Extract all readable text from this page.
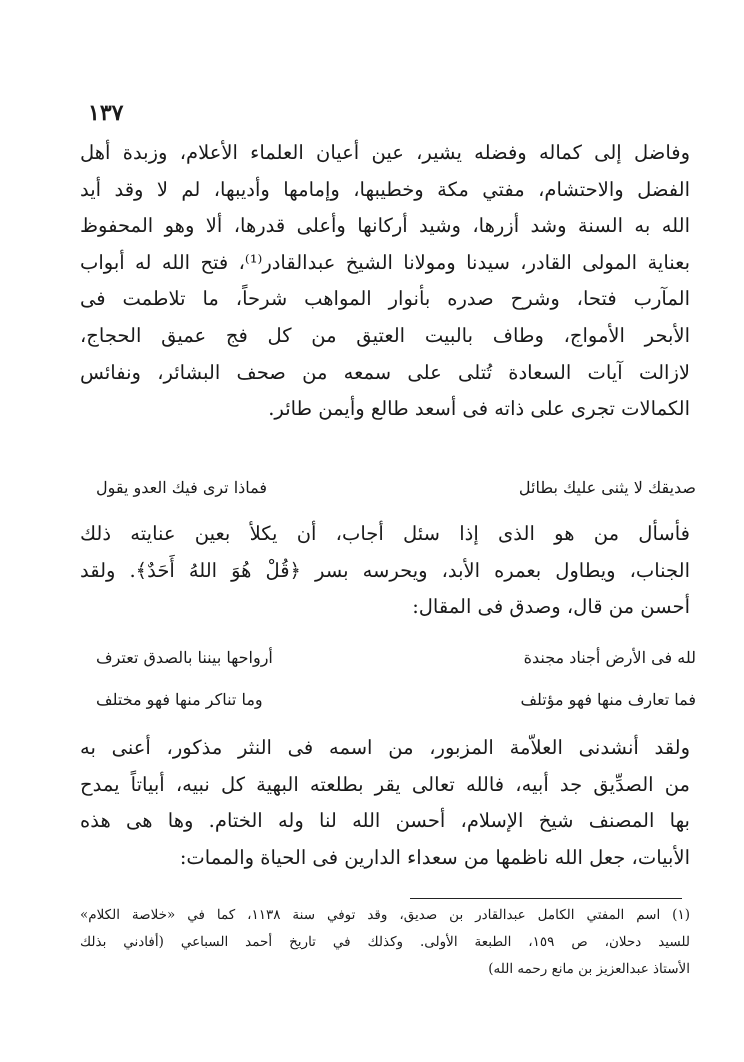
١٣٧
وفاضل إلى كماله وفضله يشير، عين أعيان العلماء الأعلام، وزبدة أهل
الفضل والاحتشام، مفتي مكة وخطيبها، وإمامها وأديبها، لم لا وقد أيد
الله به السنة وشد أزرها، وشيد أركانها وأعلى قدرها، ألا وهو المحفوظ
بعناية المولى القادر، سيدنا ومولانا الشيخ عبدالقادر⁽¹⁾، فتح الله له أبواب
المآرب فتحا، وشرح صدره بأنوار المواهب شرحاً، ما تلاطمت فى
الأبحر الأمواج، وطاف بالبيت العتيق من كل فج عميق الحجاج،
لازالت آيات السعادة تُتلى على سمعه من صحف البشائر، ونفائس
الكمالات تجرى على ذاته فى أسعد طالع وأيمن طائر.
صديقك لا يثنى عليك بطائل
فماذا ترى فيك العدو يقول
فأسأل من هو الذى إذا سئل أجاب، أن يكلأ بعين عنايته ذلك
الجناب، ويطاول بعمره الأبد، ويحرسه بسر ﴿قُلْ هُوَ اللهُ أَحَدٌ﴾. ولقد
أحسن من قال، وصدق فى المقال:
لله فى الأرض أجناد مجندة
أرواحها بيننا بالصدق تعترف
فما تعارف منها فهو مؤتلف
وما تناكر منها فهو مختلف
ولقد أنشدنى العلاّمة المزبور، من اسمه فى النثر مذكور، أعنى به
من الصدِّيق جد أبيه، فالله تعالى يقر بطلعته البهية كل نبيه، أبياتاً يمدح
بها المصنف شيخ الإسلام، أحسن الله لنا وله الختام. وها هى هذه
الأبيات، جعل الله ناظمها من سعداء الدارين فى الحياة والممات:
(١) اسم المفتي الكامل عبدالقادر بن صديق، وقد توفي سنة ١١٣٨، كما في «خلاصة الكلام»
للسيد دحلان، ص ١٥٩، الطبعة الأولى. وكذلك في تاريخ أحمد السباعي (أفادني بذلك
الأستاذ عبدالعزيز بن مانع رحمه الله)
